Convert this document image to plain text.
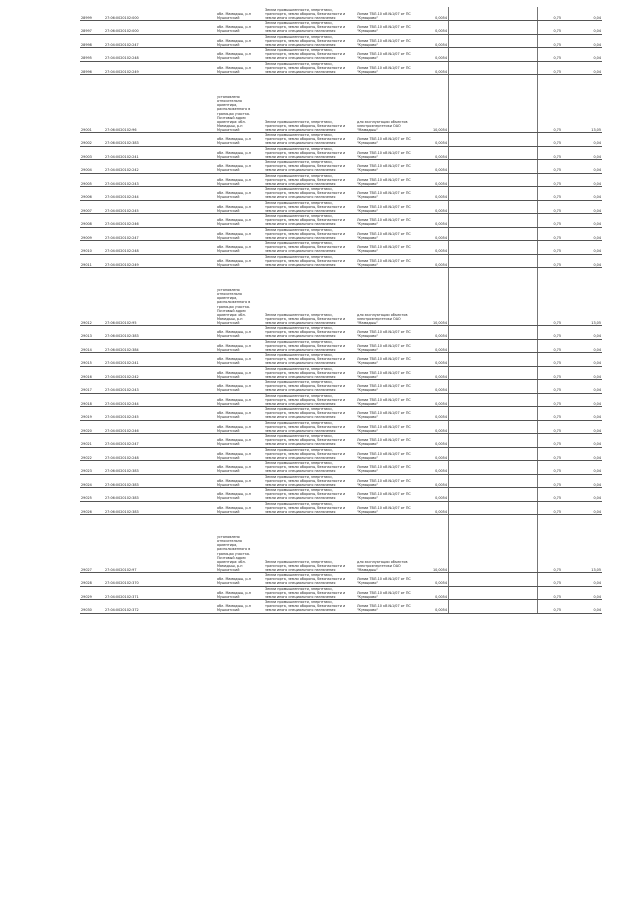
28999	27:06:0020102:000	обл. Мамадыш, р-н Мушкатский	Земли промышленности, энергетики, транспорта, земли обороны, безопасности и земли иного специального назначения	Линии ТВЛ-10 кВ №1/07 от ПС "Кумырово"	0,0054		0,75	0,04
28997	27:06:0020102:000	обл. Мамадыш, р-н Мушкатский	Земли промышленности, энергетики, транспорта, земли обороны, безопасности и земли иного специального назначения	Линии ТВЛ-10 кВ №1/07 от ПС "Кумырово"	0,0054		0,75	0,04
28998	27:04:0020102:247	обл. Мамадыш, р-н Мушкатский	Земли промышленности, энергетики, транспорта, земли обороны, безопасности и земли иного специального назначения	Линии ТВЛ-10 кВ №1/07 от ПС "Кумырово"	0,0054		0,75	0,04
28995	27:04:0020102:248	обл. Мамадыш, р-н Мушкатский	Земли промышленности, энергетики, транспорта, земли обороны, безопасности и земли иного специального назначения	Линии ТВЛ-10 кВ №1/07 от ПС "Кумырово"	0,0054		0,75	0,04
28996	27:04:0020102:249	обл. Мамадыш, р-н Мушкатский	Земли промышленности, энергетики, транспорта, земли обороны, безопасности и земли иного специального назначения	Линии ТВЛ-10 кВ №1/07 от ПС "Кумырово"	0,0054		0,75	0,04
29001	27:06:0020102:96	установлено относительно ориентира, расположенного в границах участка. Почтовый адрес ориентира: обл. Мамадыш, р-н Мушкатский	Земли промышленности, энергетики, транспорта, земли обороны, безопасности и земли иного специального назначения	для эксплуатации объектов электроэнергетики ОАО "Мамадыш"	10,0054		0,75	13,05
29002	27:06:0020102:383	обл. Мамадыш, р-н Мушкатский	Земли промышленности, энергетики, транспорта, земли обороны, безопасности и земли иного специального назначения	Линии ТВЛ-10 кВ №1/07 от ПС "Кумырово"	0,0054		0,75	0,04
29003	27:04:0020102:241	обл. Мамадыш, р-н Мушкатский	Земли промышленности, энергетики, транспорта, земли обороны, безопасности и земли иного специального назначения	Линии ТВЛ-10 кВ №1/07 от ПС "Кумырово"	0,0054		0,75	0,04
29004	27:04:0020102:242	обл. Мамадыш, р-н Мушкатский	Земли промышленности, энергетики, транспорта, земли обороны, безопасности и земли иного специального назначения	Линии ТВЛ-10 кВ №1/07 от ПС "Кумырово"	0,0054		0,75	0,04
29005	27:04:0020102:243	обл. Мамадыш, р-н Мушкатский	Земли промышленности, энергетики, транспорта, земли обороны, безопасности и земли иного специального назначения	Линии ТВЛ-10 кВ №1/07 от ПС "Кумырово"	0,0054		0,75	0,04
29006	27:04:0020102:244	обл. Мамадыш, р-н Мушкатский	Земли промышленности, энергетики, транспорта, земли обороны, безопасности и земли иного специального назначения	Линии ТВЛ-10 кВ №1/07 от ПС "Кумырово"	0,0054		0,75	0,04
29007	27:04:0020102:245	обл. Мамадыш, р-н Мушкатский	Земли промышленности, энергетики, транспорта, земли обороны, безопасности и земли иного специального назначения	Линии ТВЛ-10 кВ №1/07 от ПС "Кумырово"	0,0054		0,75	0,04
29008	27:04:0020102:246	обл. Мамадыш, р-н Мушкатский	Земли промышленности, энергетики, транспорта, земли обороны, безопасности и земли иного специального назначения	Линии ТВЛ-10 кВ №1/07 от ПС "Кумырово"	0,0054		0,75	0,04
29009	27:04:0020102:247	обл. Мамадыш, р-н Мушкатский	Земли промышленности, энергетики, транспорта, земли обороны, безопасности и земли иного специального назначения	Линии ТВЛ-10 кВ №1/07 от ПС "Кумырово"	0,0054		0,75	0,04
29010	27:04:0020102:248	обл. Мамадыш, р-н Мушкатский	Земли промышленности, энергетики, транспорта, земли обороны, безопасности и земли иного специального назначения	Линии ТВЛ-10 кВ №1/07 от ПС "Кумырово"	0,0054		0,75	0,04
29011	27:04:0020102:249	обл. Мамадыш, р-н Мушкатский	Земли промышленности, энергетики, транспорта, земли обороны, безопасности и земли иного специального назначения	Линии ТВЛ-10 кВ №1/07 от ПС "Кумырово"	0,0054		0,75	0,04
29012	27:06:0020102:95	установлено относительно ориентира, расположенного в границах участка. Почтовый адрес ориентира: обл. Мамадыш, р-н Мушкатский	Земли промышленности, энергетики, транспорта, земли обороны, безопасности и земли иного специального назначения	для эксплуатации объектов электроэнергетики ОАО "Мамадыш"	10,0054		0,75	13,05
29013	27:06:0020102:383	обл. Мамадыш, р-н Мушкатский	Земли промышленности, энергетики, транспорта, земли обороны, безопасности и земли иного специального назначения	Линии ТВЛ-10 кВ №1/07 от ПС "Кумырово"	0,0054		0,75	0,04
29014	27:06:0020102:384	обл. Мамадыш, р-н Мушкатский	Земли промышленности, энергетики, транспорта, земли обороны, безопасности и земли иного специального назначения	Линии ТВЛ-10 кВ №1/07 от ПС "Кумырово"	0,0054		0,75	0,04
29015	27:04:0020102:241	обл. Мамадыш, р-н Мушкатский	Земли промышленности, энергетики, транспорта, земли обороны, безопасности и земли иного специального назначения	Линии ТВЛ-10 кВ №1/07 от ПС "Кумырово"	0,0054		0,75	0,04
29016	27:04:0020102:242	обл. Мамадыш, р-н Мушкатский	Земли промышленности, энергетики, транспорта, земли обороны, безопасности и земли иного специального назначения	Линии ТВЛ-10 кВ №1/07 от ПС "Кумырово"	0,0054		0,75	0,04
29017	27:04:0020102:243	обл. Мамадыш, р-н Мушкатский	Земли промышленности, энергетики, транспорта, земли обороны, безопасности и земли иного специального назначения	Линии ТВЛ-10 кВ №1/07 от ПС "Кумырово"	0,0054		0,75	0,04
29018	27:04:0020102:244	обл. Мамадыш, р-н Мушкатский	Земли промышленности, энергетики, транспорта, земли обороны, безопасности и земли иного специального назначения	Линии ТВЛ-10 кВ №1/07 от ПС "Кумырово"	0,0054		0,75	0,04
29019	27:04:0020102:245	обл. Мамадыш, р-н Мушкатский	Земли промышленности, энергетики, транспорта, земли обороны, безопасности и земли иного специального назначения	Линии ТВЛ-10 кВ №1/07 от ПС "Кумырово"	0,0054		0,75	0,04
29020	27:04:0020102:246	обл. Мамадыш, р-н Мушкатский	Земли промышленности, энергетики, транспорта, земли обороны, безопасности и земли иного специального назначения	Линии ТВЛ-10 кВ №1/07 от ПС "Кумырово"	0,0054		0,75	0,04
29021	27:04:0020102:247	обл. Мамадыш, р-н Мушкатский	Земли промышленности, энергетики, транспорта, земли обороны, безопасности и земли иного специального назначения	Линии ТВЛ-10 кВ №1/07 от ПС "Кумырово"	0,0054		0,75	0,04
29022	27:04:0020102:248	обл. Мамадыш, р-н Мушкатский	Земли промышленности, энергетики, транспорта, земли обороны, безопасности и земли иного специального назначения	Линии ТВЛ-10 кВ №1/07 от ПС "Кумырово"	0,0054		0,75	0,04
29023	27:06:0020102:383	обл. Мамадыш, р-н Мушкатский	Земли промышленности, энергетики, транспорта, земли обороны, безопасности и земли иного специального назначения	Линии ТВЛ-10 кВ №1/07 от ПС "Кумырово"	0,0054		0,75	0,04
29024	27:06:0020102:383	обл. Мамадыш, р-н Мушкатский	Земли промышленности, энергетики, транспорта, земли обороны, безопасности и земли иного специального назначения	Линии ТВЛ-10 кВ №1/07 от ПС "Кумырово"	0,0054		0,75	0,04
29025	27:06:0020102:383	обл. Мамадыш, р-н Мушкатский	Земли промышленности, энергетики, транспорта, земли обороны, безопасности и земли иного специального назначения	Линии ТВЛ-10 кВ №1/07 от ПС "Кумырово"	0,0054		0,75	0,04
29026	27:06:0020102:383	обл. Мамадыш, р-н Мушкатский	Земли промышленности, энергетики, транспорта, земли обороны, безопасности и земли иного специального назначения	Линии ТВЛ-10 кВ №1/07 от ПС "Кумырово"	0,0054		0,75	0,04
29027	27:04:0020102:97	установлено относительно ориентира, расположенного в границах участка. Почтовый адрес ориентира: обл. Мамадыш, р-н Мушкатский	Земли промышленности, энергетики, транспорта, земли обороны, безопасности и земли иного специального назначения	для эксплуатации объектов электроэнергетики ОАО "Мамадыш"	10,0054		0,75	13,05
29028	27:04:0020102:370	обл. Мамадыш, р-н Мушкатский	Земли промышленности, энергетики, транспорта, земли обороны, безопасности и земли иного специального назначения	Линии ТВЛ-10 кВ №1/07 от ПС "Кумырово"	0,0054		0,75	0,04
29029	27:04:0020102:371	обл. Мамадыш, р-н Мушкатский	Земли промышленности, энергетики, транспорта, земли обороны, безопасности и земли иного специального назначения	Линии ТВЛ-10 кВ №1/07 от ПС "Кумырово"	0,0054		0,75	0,04
29030	27:04:0020102:372	обл. Мамадыш, р-н Мушкатский	Земли промышленности, энергетики, транспорта, земли обороны, безопасности и земли иного специального назначения	Линии ТВЛ-10 кВ №1/07 от ПС "Кумырово"	0,0054		0,75	0,04
